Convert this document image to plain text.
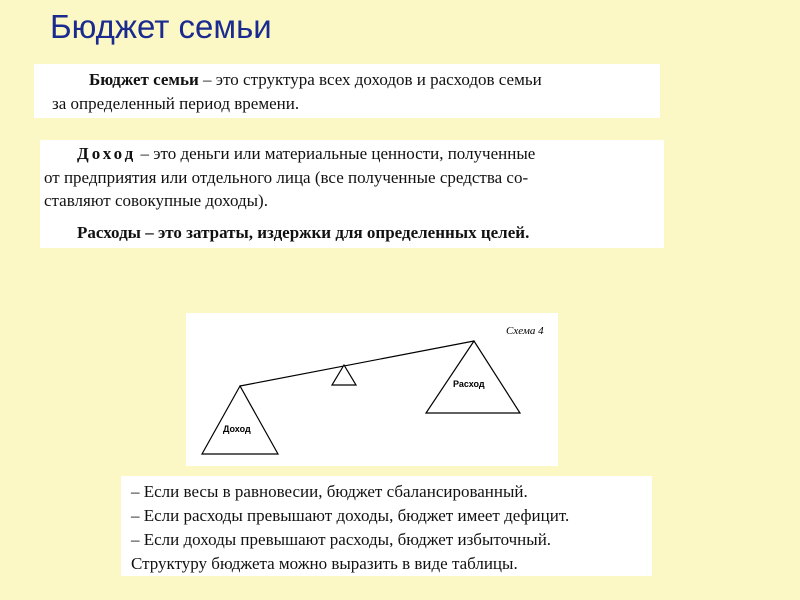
Бюджет семьи
Бюджет семьи – это структура всех доходов и расходов семьи
за определенный период времени.
Доход – это деньги или материальные ценности, полученные
от предприятия или отдельного лица (все полученные средства со-
ставляют совокупные доходы).
Расходы – это затраты, издержки для определенных целей.
Доход
Расход
Схема 4
– Если весы в равновесии, бюджет сбалансированный.
– Если расходы превышают доходы, бюджет имеет дефицит.
– Если доходы превышают расходы, бюджет избыточный.
Структуру бюджета можно выразить в виде таблицы.
